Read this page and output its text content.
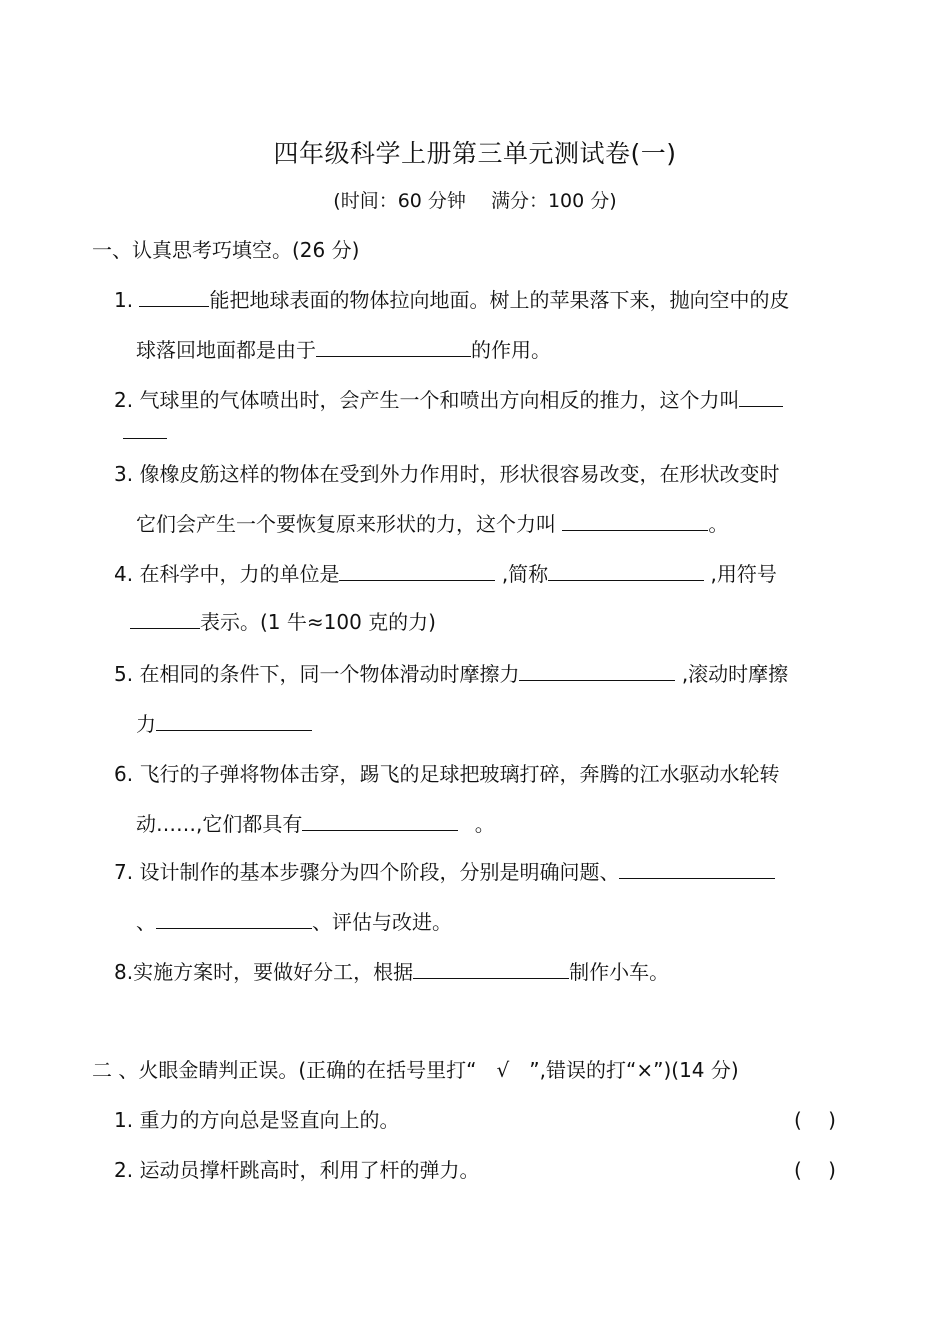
四年级科学上册第三单元测试卷(一)
(时间：60 分钟　 满分：100 分)
一、认真思考巧填空。(26 分)
1.	能把地球表面的物体拉向地面。树上的苹果落下来，抛向空中的皮
球落回地面都是由于	的作用。
2. 气球里的气体喷出时，会产生一个和喷出方向相反的推力，这个力叫
3. 像橡皮筋这样的物体在受到外力作用时，形状很容易改变，在形状改变时
它们会产生一个要恢复原来形状的力，这个力叫	。
4. 在科学中，力的单位是	,简称	,用符号
表示。(1 牛≈100 克的力)
5. 在相同的条件下，同一个物体滑动时摩擦力	,滚动时摩擦
力
6. 飞行的子弹将物体击穿，踢飞的足球把玻璃打碎，奔腾的江水驱动水轮转
动……,它们都具有	。
7. 设计制作的基本步骤分为四个阶段，分别是明确问题、
、	、评估与改进。
8.实施方案时，要做好分工，根据	制作小车。
二 、火眼金睛判正误。(正确的在括号里打“　√　”,错误的打“×”)(14 分)
1. 重力的方向总是竖直向上的。	(　 )
2. 运动员撑杆跳高时，利用了杆的弹力。	(　 )
